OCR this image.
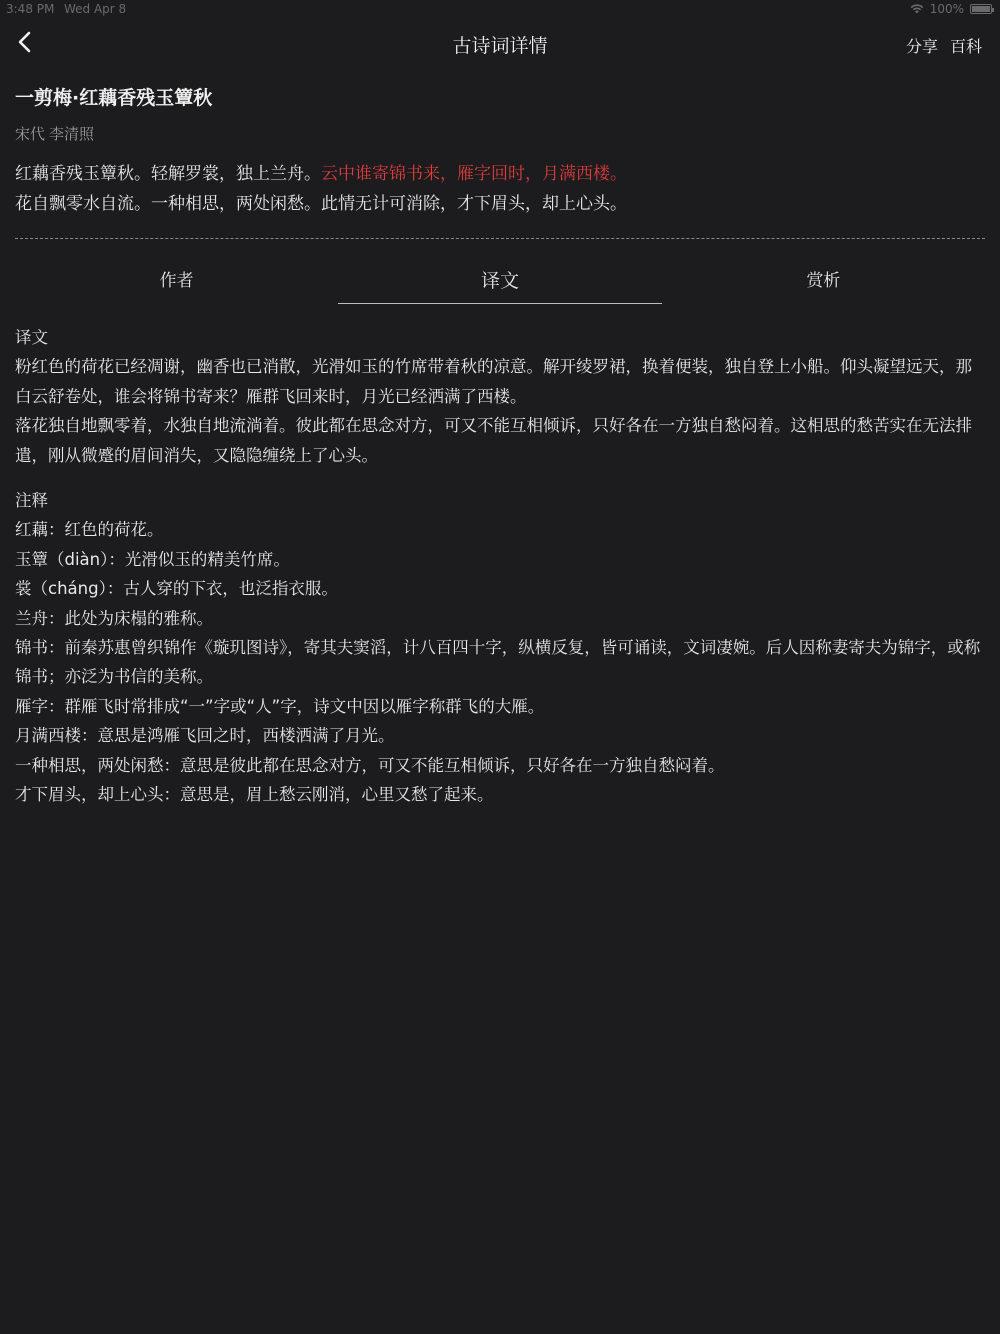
3:48 PM Wed Apr 8	100%
古诗词详情	分享 百科
一剪梅·红藕香残玉簟秋
宋代 李清照
红藕香残玉簟秋。轻解罗裳，独上兰舟。云中谁寄锦书来，雁字回时，月满西楼。
花自飘零水自流。一种相思，两处闲愁。此情无计可消除，才下眉头，却上心头。
作者	译文	赏析
译文

粉红色的荷花已经凋谢，幽香也已消散，光滑如玉的竹席带着秋的凉意。解开绫罗裙，换着便装，独自登上小船。仰头凝望远天，那白云舒卷处，谁会将锦书寄来？雁群飞回来时，月光已经洒满了西楼。

落花独自地飘零着，水独自地流淌着。彼此都在思念对方，可又不能互相倾诉，只好各在一方独自愁闷着。这相思的愁苦实在无法排遣，刚从微蹙的眉间消失，又隐隐缠绕上了心头。

注释

红藕：红色的荷花。

玉簟（diàn）：光滑似玉的精美竹席。

裳（cháng）：古人穿的下衣，也泛指衣服。

兰舟：此处为床榻的雅称。

锦书：前秦苏惠曾织锦作《璇玑图诗》，寄其夫窦滔，计八百四十字，纵横反复，皆可诵读，文词凄婉。后人因称妻寄夫为锦字，或称锦书；亦泛为书信的美称。

雁字：群雁飞时常排成“一”字或“人”字，诗文中因以雁字称群飞的大雁。

月满西楼：意思是鸿雁飞回之时，西楼洒满了月光。

一种相思，两处闲愁：意思是彼此都在思念对方，可又不能互相倾诉，只好各在一方独自愁闷着。

才下眉头，却上心头：意思是，眉上愁云刚消，心里又愁了起来。
